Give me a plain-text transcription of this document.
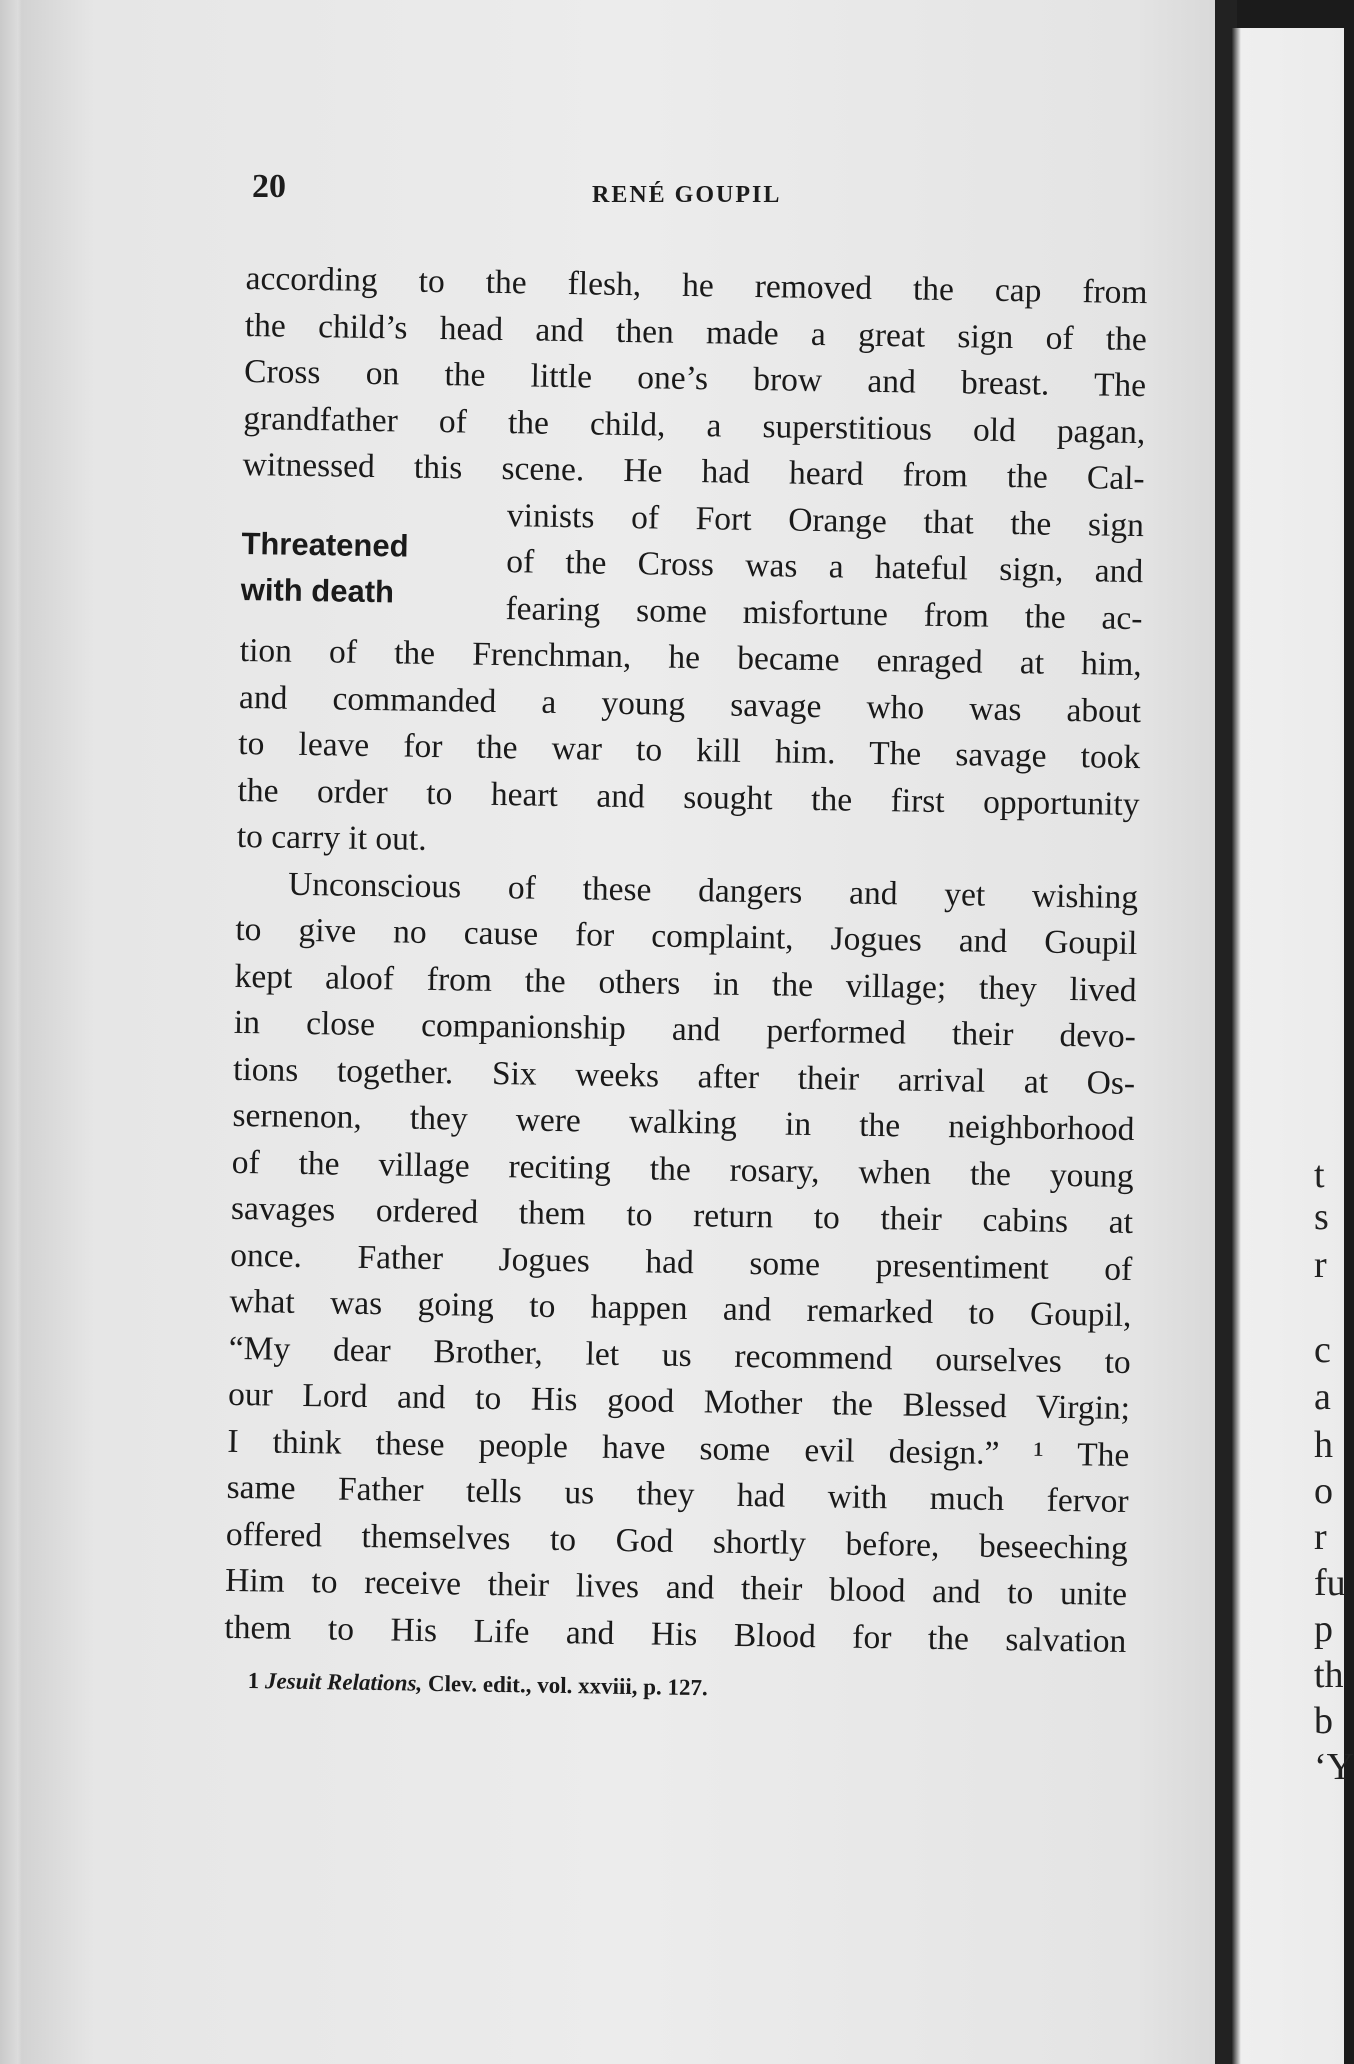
t
s
r
c
a
h
o
r
fu
p
th
b
‘Y
20	RENÉ GOUPIL
Threatened
with death
according to the flesh, he removed the cap from
the child’s head and then made a great sign of the
Cross on the little one’s brow and breast. The
grandfather of the child, a superstitious old pagan,
witnessed this scene. He had heard from the Cal-
vinists of Fort Orange that the sign
of the Cross was a hateful sign, and
fearing some misfortune from the ac-
tion of the Frenchman, he became enraged at him,
and commanded a young savage who was about
to leave for the war to kill him. The savage took
the order to heart and sought the first opportunity
to carry it out.
Unconscious of these dangers and yet wishing
to give no cause for complaint, Jogues and Goupil
kept aloof from the others in the village; they lived
in close companionship and performed their devo-
tions together. Six weeks after their arrival at Os-
sernenon, they were walking in the neighborhood
of the village reciting the rosary, when the young
savages ordered them to return to their cabins at
once. Father Jogues had some presentiment of
what was going to happen and remarked to Goupil,
“My dear Brother, let us recommend ourselves to
our Lord and to His good Mother the Blessed Virgin;
I think these people have some evil design.” ¹ The
same Father tells us they had with much fervor
offered themselves to God shortly before, beseeching
Him to receive their lives and their blood and to unite
them to His Life and His Blood for the salvation
1 Jesuit Relations, Clev. edit., vol. xxviii, p. 127.
